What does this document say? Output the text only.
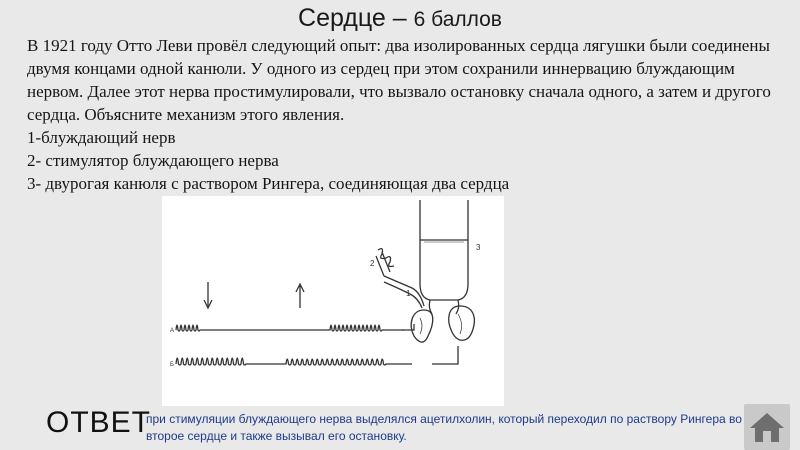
Сердце – 6 баллов

В 1921 году Отто Леви провёл следующий опыт: два изолированных сердца лягушки были соединены двумя концами одной канюли. У одного из сердец при этом сохранили иннервацию блуждающим нервом. Далее этот нерва простимулировали, что вызвало остановку сначала одного, а затем и другого сердца. Объясните механизм этого явления.

1-блуждающий нерв

2- стимулятор блуждающего нерва

3- двурогая канюля с раствором Рингера, соединяющая два сердца

1
2
3
А
Б
ОТВЕТ
при стимуляции блуждающего нерва выделялся ацетилхолин, который переходил по раствору Рингера во второе сердце и также вызывал его остановку.
